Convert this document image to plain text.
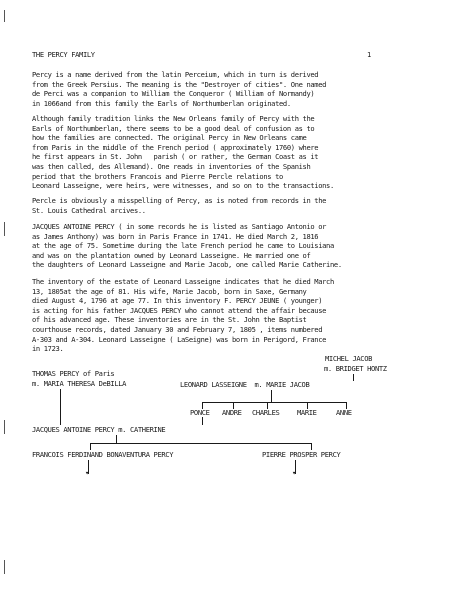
THE PERCY FAMILY	1
Percy is a name derived from the latin Perceium, which in turn is derived
from the Greek Persius. The meaning is the "Destroyer of cities". One named
de Perci was a companion to William the Conqueror ( William of Normandy)
in 1066and from this family the Earls of Northumberlan originated.
Although family tradition links the New Orleans family of Percy with the
Earls of Northumberlan, there seems to be a good deal of confusion as to
how the families are connected. The original Percy in New Orleans came
from Paris in the middle of the French period ( approximately 1760) where
he first appears in St. John   parish ( or rather, the German Coast as it
was then called, des Allemand). One reads in inventories of the Spanish
period that the brothers Francois and Pierre Percle relations to
Leonard Lasseigne, were heirs, were witnesses, and so on to the transactions.
Percle is obviously a misspelling of Percy, as is noted from records in the
St. Louis Cathedral arcives..
JACQUES ANTOINE PERCY ( in some records he is listed as Santiago Antonio or
as James Anthony) was born in Paris France in 1741. He died March 2, 1816
at the age of 75. Sometime during the late French period he came to Louisiana
and was on the plantation owned by Leonard Lasseigne. He married one of
the daughters of Leonard Lasseigne and Marie Jacob, one called Marie Catherine.
The inventory of the estate of Leonard Lasseigne indicates that he died March
13, 1805at the age of 81. His wife, Marie Jacob, born in Saxe, Germany
died August 4, 1796 at age 77. In this inventory F. PERCY JEUNE ( younger)
is acting for his father JACQUES PERCY who cannot attend the affair because
of his advanced age. These inventories are in the St. John the Baptist
courthouse records, dated January 30 and February 7, 1805 , items numbered
A-303 and A-304. Leonard Lasseigne ( LaSeigne) was born in Perigord, France
in 1723.
MICHEL JACOB
m. BRIDGET HONTZ
THOMAS PERCY of Paris
m. MARIA THERESA DeBILLA	LEONARD LASSEIGNE  m. MARIE JACOB
PONCE ANDRE CHARLES MARIE	ANNE
JACQUES ANTOINE PERCY m. CATHERINE
FRANCOIS FERDINAND BONAVENTURA PERCY	PIERRE PROSPER PERCY
▾	▾
